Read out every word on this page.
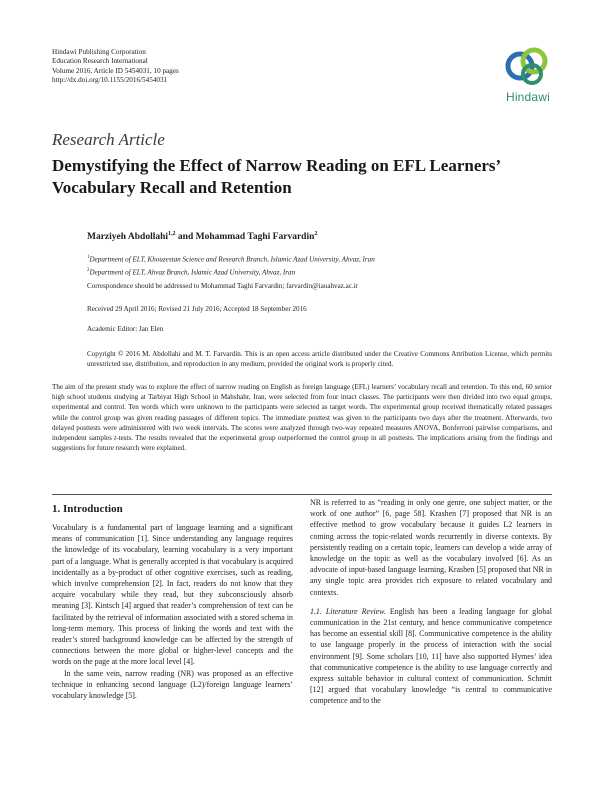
Hindawi Publishing Corporation
Education Research International
Volume 2016, Article ID 5454031, 10 pages
http://dx.doi.org/10.1155/2016/5454031
Hindawi
Research Article
Demystifying the Effect of Narrow Reading on EFL Learners’
Vocabulary Recall and Retention
Marziyeh Abdollahi$^{1,2}$ and Mohammad Taghi Farvardin$^2$
$^1$Department of ELT, Khouzestan Science and Research Branch, Islamic Azad University, Ahvaz, Iran
$^2$Department of ELT, Ahvaz Branch, Islamic Azad University, Ahvaz, Iran
Correspondence should be addressed to Mohammad Taghi Farvardin; farvardin@iauahvaz.ac.ir
Received 29 April 2016; Revised 21 July 2016; Accepted 18 September 2016
Academic Editor: Jan Elen
Copyright © 2016 M. Abdollahi and M. T. Farvardin. This is an open access article distributed under the Creative Commons Attribution License, which permits unrestricted use, distribution, and reproduction in any medium, provided the original work is properly cited.
The aim of the present study was to explore the effect of narrow reading on English as foreign language (EFL) learners’ vocabulary recall and retention. To this end, 60 senior high school students studying at Tarbiyat High School in Mahshahr, Iran, were selected from four intact classes. The participants were then divided into two equal groups, experimental and control. Ten words which were unknown to the participants were selected as target words. The experimental group received thematically related passages while the control group was given reading passages of different topics. The immediate posttest was given to the participants two days after the treatment. Afterwards, two delayed posttests were administered with two week intervals. The scores were analyzed through two-way repeated measures ANOVA, Bonferroni pairwise comparisons, and independent samples t-tests. The results revealed that the experimental group outperformed the control group in all posttests. The implications arising from the findings and suggestions for future research were explained.
1. Introduction

Vocabulary is a fundamental part of language learning and a significant means of communication [1]. Since understanding any language requires the knowledge of its vocabulary, learning vocabulary is a very important part of a language. What is generally accepted is that vocabulary is acquired incidentally as a by-product of other cognitive exercises, such as reading, which involve comprehension [2]. In fact, readers do not know that they acquire vocabulary while they read, but they subconsciously absorb meaning [3]. Kintsch [4] argued that reader’s comprehension of text can be facilitated by the retrieval of information associated with a stored schema in long-term memory. This process of linking the words and text with the reader’s stored background knowledge can be affected by the strength of connections between the more global or higher-level concepts and the words on the page at the more local level [4].

In the same vein, narrow reading (NR) was proposed as an effective technique in enhancing second language (L2)/foreign language learners’ vocabulary knowledge [5].

NR is referred to as “reading in only one genre, one subject matter, or the work of one author” [6, page 58]. Krashen [7] proposed that NR is an effective method to grow vocabulary because it guides L2 learners in coming across the topic-related words recurrently in diverse contexts. By persistently reading on a certain topic, learners can develop a wide array of knowledge on the topic as well as the vocabulary involved [6]. As an advocate of input-based language learning, Krashen [5] proposed that NR in any single topic area provides rich exposure to related vocabulary and contexts.

1.1. Literature Review. English has been a leading language for global communication in the 21st century, and hence communicative competence has become an essential skill [8]. Communicative competence is the ability to use language properly in the process of interaction with the social environment [9]. Some scholars [10, 11] have also supported Hymes’ idea that communicative competence is the ability to use language correctly and express suitable behavior in cultural context of communication. Schmitt [12] argued that vocabulary knowledge “is central to communicative competence and to the
